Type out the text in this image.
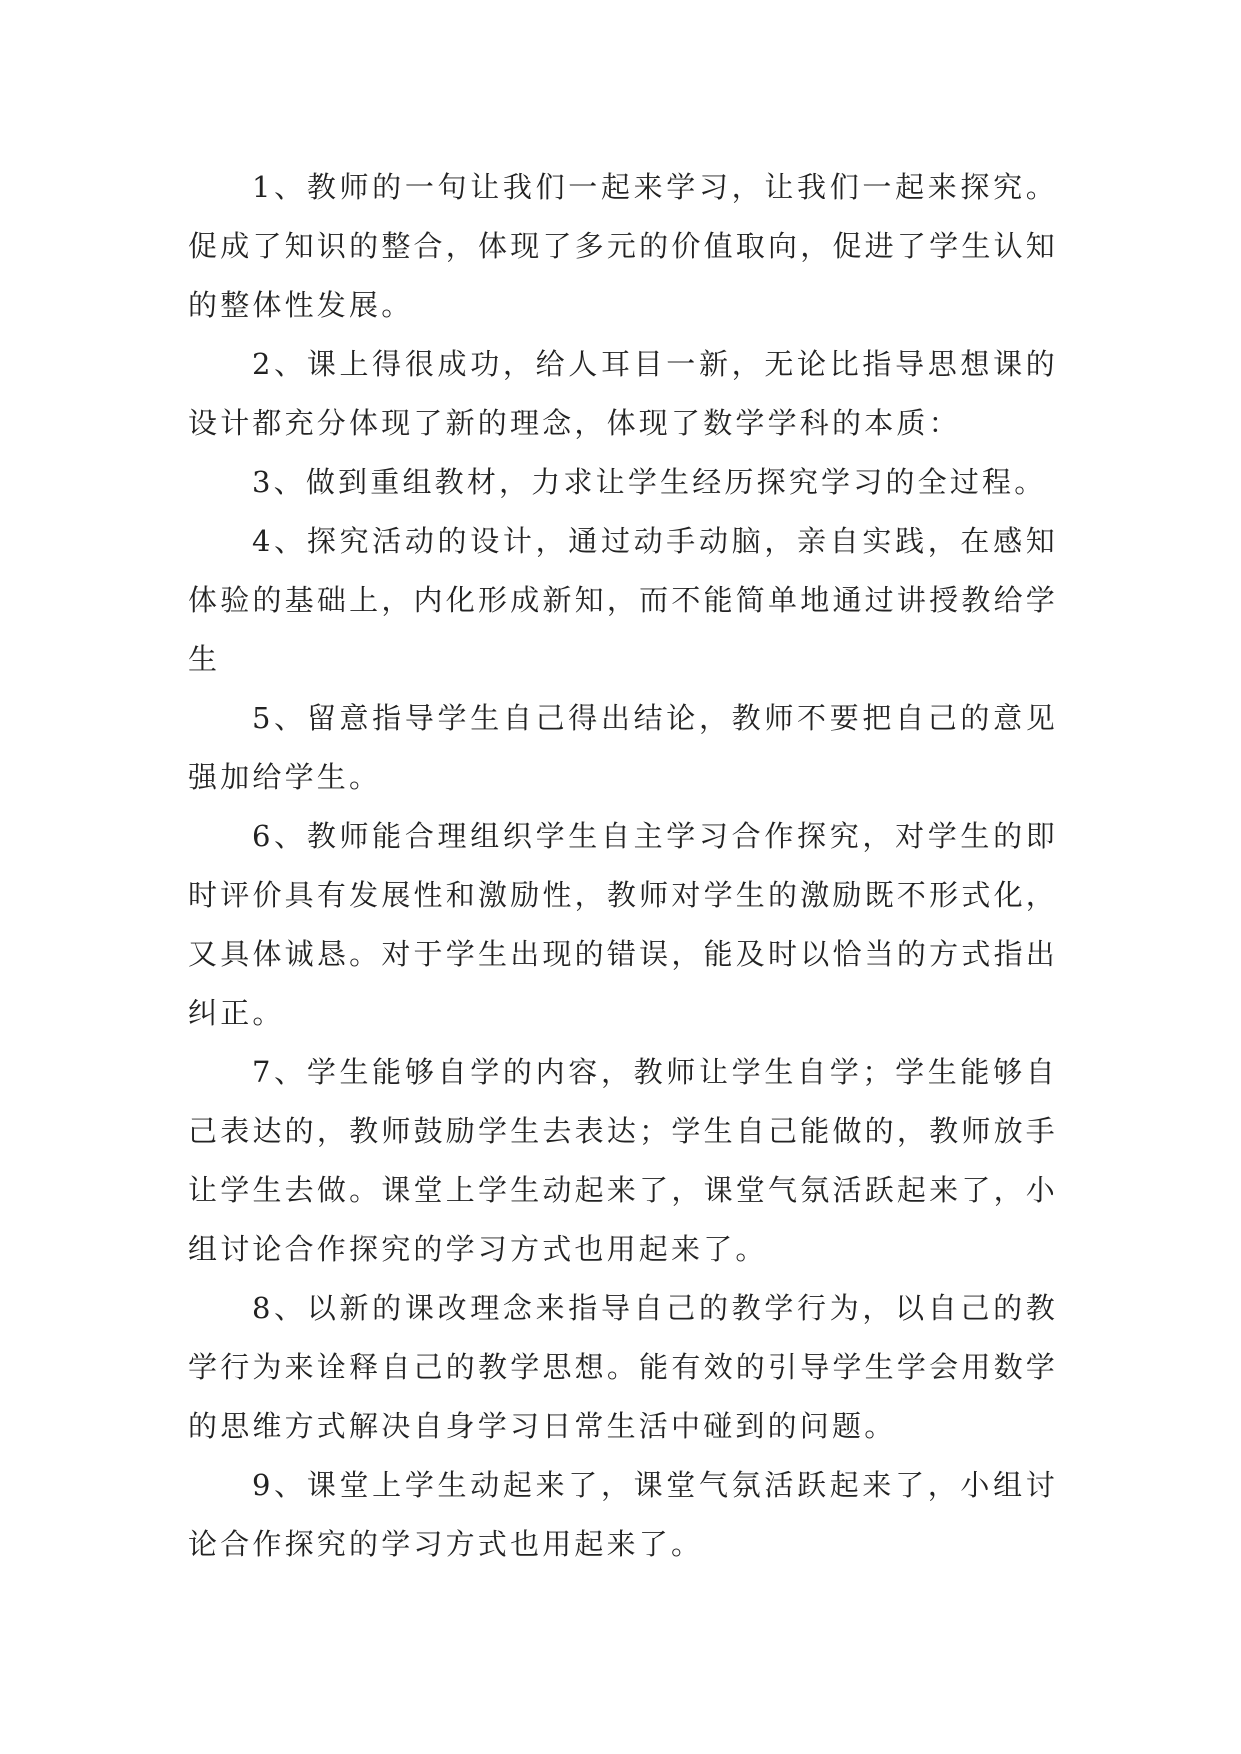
1、教师的一句让我们一起来学习，让我们一起来探究。促成了知识的整合，体现了多元的价值取向，促进了学生认知的整体性发展。

2、课上得很成功，给人耳目一新，无论比指导思想课的设计都充分体现了新的理念，体现了数学学科的本质：

3、做到重组教材，力求让学生经历探究学习的全过程。

4、探究活动的设计，通过动手动脑，亲自实践，在感知体验的基础上，内化形成新知，而不能简单地通过讲授教给学生

5、留意指导学生自己得出结论，教师不要把自己的意见强加给学生。

6、教师能合理组织学生自主学习合作探究，对学生的即时评价具有发展性和激励性，教师对学生的激励既不形式化，又具体诚恳。对于学生出现的错误，能及时以恰当的方式指出纠正。

7、学生能够自学的内容，教师让学生自学；学生能够自己表达的，教师鼓励学生去表达；学生自己能做的，教师放手让学生去做。课堂上学生动起来了，课堂气氛活跃起来了，小组讨论合作探究的学习方式也用起来了。

8、以新的课改理念来指导自己的教学行为，以自己的教学行为来诠释自己的教学思想。能有效的引导学生学会用数学的思维方式解决自身学习日常生活中碰到的问题。

9、课堂上学生动起来了，课堂气氛活跃起来了，小组讨论合作探究的学习方式也用起来了。
